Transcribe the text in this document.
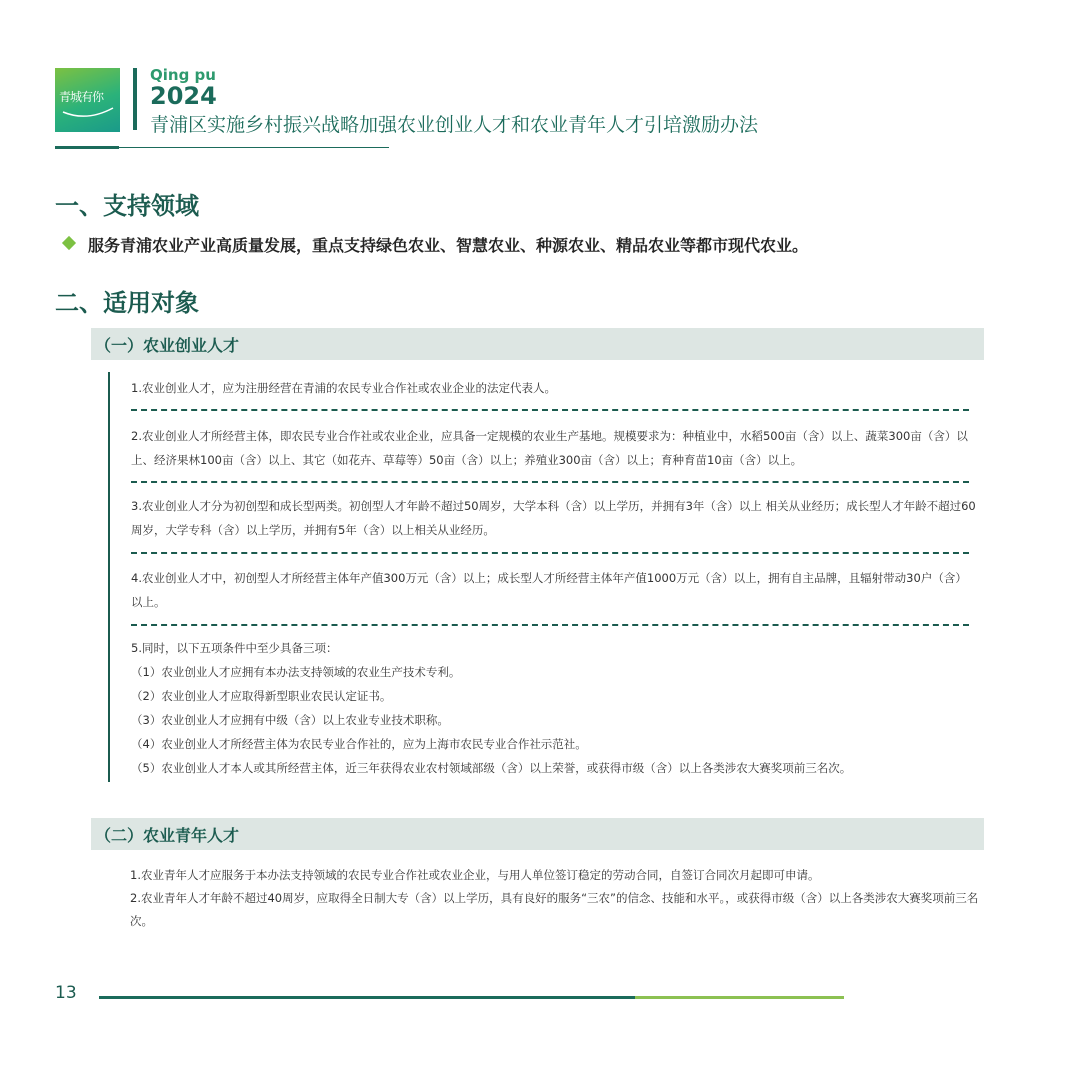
青城有你
Qing pu
2024
青浦区实施乡村振兴战略加强农业创业人才和农业青年人才引培激励办法
一、支持领域
服务青浦农业产业高质量发展，重点支持绿色农业、智慧农业、种源农业、精品农业等都市现代农业。
二、适用对象
（一）农业创业人才
1.农业创业人才，应为注册经营在青浦的农民专业合作社或农业企业的法定代表人。
2.农业创业人才所经营主体，即农民专业合作社或农业企业，应具备一定规模的农业生产基地。规模要求为：种植业中，水稻500亩（含）以上、蔬菜300亩（含）以上、经济果林100亩（含）以上、其它（如花卉、草莓等）50亩（含）以上；养殖业300亩（含）以上；育种育苗10亩（含）以上。
3.农业创业人才分为初创型和成长型两类。初创型人才年龄不超过50周岁，大学本科（含）以上学历，并拥有3年（含）以上 相关从业经历；成长型人才年龄不超过60周岁，大学专科（含）以上学历，并拥有5年（含）以上相关从业经历。
4.农业创业人才中，初创型人才所经营主体年产值300万元（含）以上；成长型人才所经营主体年产值1000万元（含）以上，拥有自主品牌，且辐射带动30户（含）以上。
5.同时，以下五项条件中至少具备三项：
（1）农业创业人才应拥有本办法支持领域的农业生产技术专利。
（2）农业创业人才应取得新型职业农民认定证书。
（3）农业创业人才应拥有中级（含）以上农业专业技术职称。
（4）农业创业人才所经营主体为农民专业合作社的，应为上海市农民专业合作社示范社。
（5）农业创业人才本人或其所经营主体，近三年获得农业农村领域部级（含）以上荣誉，或获得市级（含）以上各类涉农大赛奖项前三名次。
（二）农业青年人才
1.农业青年人才应服务于本办法支持领域的农民专业合作社或农业企业，与用人单位签订稳定的劳动合同，自签订合同次月起即可申请。
2.农业青年人才年龄不超过40周岁，应取得全日制大专（含）以上学历，具有良好的服务“三农”的信念、技能和水平。，或获得市级（含）以上各类涉农大赛奖项前三名次。
13
